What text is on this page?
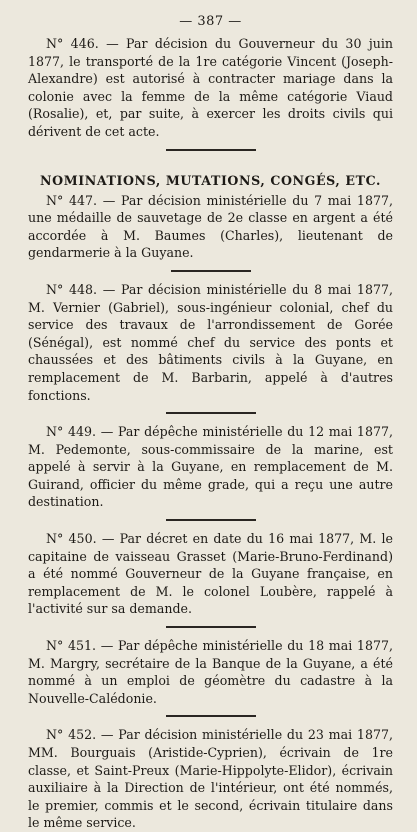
— 387 —

N° 446. — Par décision du Gouverneur du 30 juin 1877, le transporté de la 1re catégorie Vincent (Joseph-Alexandre) est autorisé à contracter mariage dans la colonie avec la femme de la même catégorie Viaud (Rosalie), et, par suite, à exercer les droits civils qui dérivent de cet acte.

NOMINATIONS, MUTATIONS, CONGÉS, ETC.

N° 447. — Par décision ministérielle du 7 mai 1877, une médaille de sauvetage de 2e classe en argent a été accordée à M. Baumes (Charles), lieutenant de gendarmerie à la Guyane.

N° 448. — Par décision ministérielle du 8 mai 1877, M. Vernier (Gabriel), sous-ingénieur colonial, chef du service des travaux de l'arrondissement de Gorée (Sénégal), est nommé chef du service des ponts et chaussées et des bâtiments civils à la Guyane, en remplacement de M. Barbarin, appelé à d'autres fonctions.

N° 449. — Par dépêche ministérielle du 12 mai 1877, M. Pedemonte, sous-commissaire de la marine, est appelé à servir à la Guyane, en remplacement de M. Guirand, officier du même grade, qui a reçu une autre destination.

N° 450. — Par décret en date du 16 mai 1877, M. le capitaine de vaisseau Grasset (Marie-Bruno-Ferdinand) a été nommé Gouverneur de la Guyane française, en remplacement de M. le colonel Loubère, rappelé à l'activité sur sa demande.

N° 451. — Par dépêche ministérielle du 18 mai 1877, M. Margry, secrétaire de la Banque de la Guyane, a été nommé à un emploi de géomètre du cadastre à la Nouvelle-Calédonie.

N° 452. — Par décision ministérielle du 23 mai 1877, MM. Bourguais (Aristide-Cyprien), écrivain de 1re classe, et Saint-Preux (Marie-Hippolyte-Elidor), écrivain auxiliaire à la Direction de l'intérieur, ont été nommés, le premier, commis et le second, écrivain titulaire dans le même service.
